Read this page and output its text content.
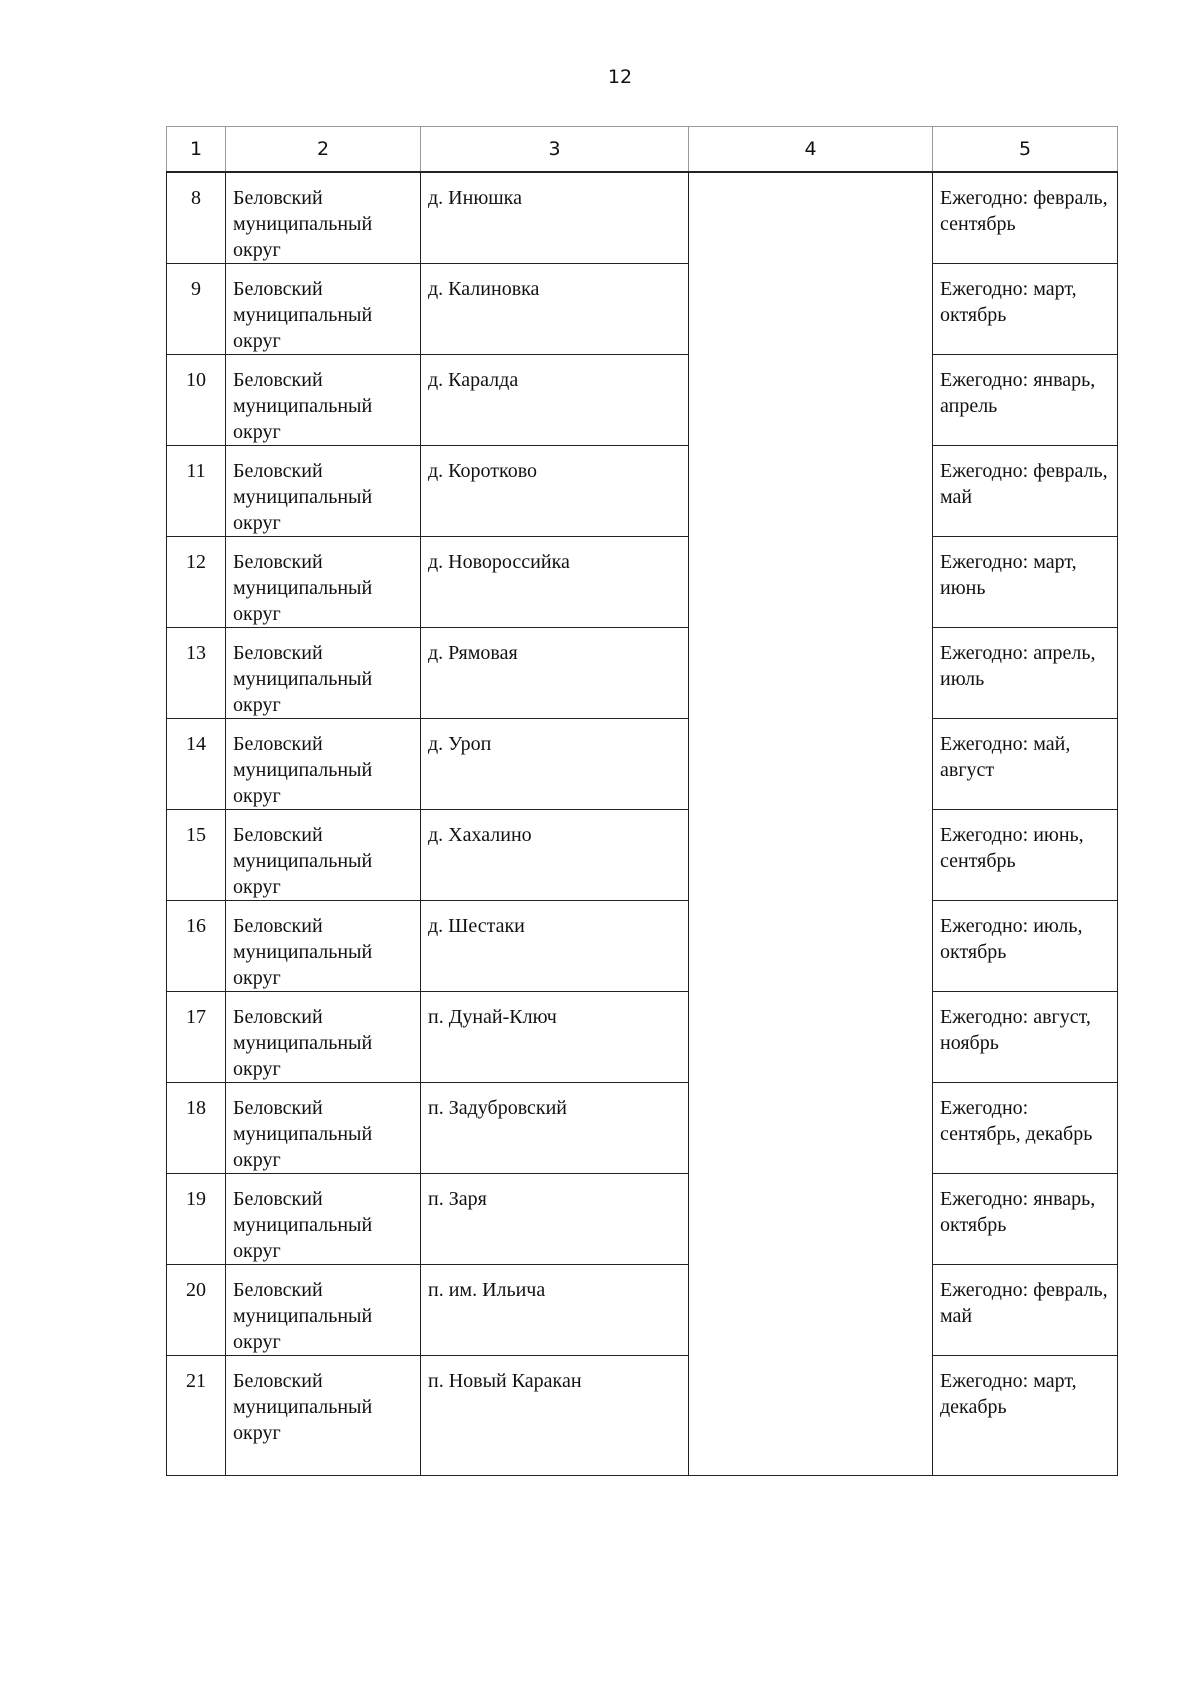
12
1	2	3	4	5
8	Беловский муниципальный округ	д. Инюшка		Ежегодно: февраль, сентябрь
9	Беловский муниципальный округ	д. Калиновка		Ежегодно: март, октябрь
10	Беловский муниципальный округ	д. Каралда		Ежегодно: январь, апрель
11	Беловский муниципальный округ	д. Коротково		Ежегодно: февраль, май
12	Беловский муниципальный округ	д. Новороссийка		Ежегодно: март, июнь
13	Беловский муниципальный округ	д. Рямовая		Ежегодно: апрель, июль
14	Беловский муниципальный округ	д. Уроп		Ежегодно: май, август
15	Беловский муниципальный округ	д. Хахалино		Ежегодно: июнь, сентябрь
16	Беловский муниципальный округ	д. Шестаки		Ежегодно: июль, октябрь
17	Беловский муниципальный округ	п. Дунай-Ключ		Ежегодно: август, ноябрь
18	Беловский муниципальный округ	п. Задубровский		Ежегодно: сентябрь, декабрь
19	Беловский муниципальный округ	п. Заря		Ежегодно: январь, октябрь
20	Беловский муниципальный округ	п. им. Ильича		Ежегодно: февраль, май
21	Беловский муниципальный округ	п. Новый Каракан		Ежегодно: март, декабрь
